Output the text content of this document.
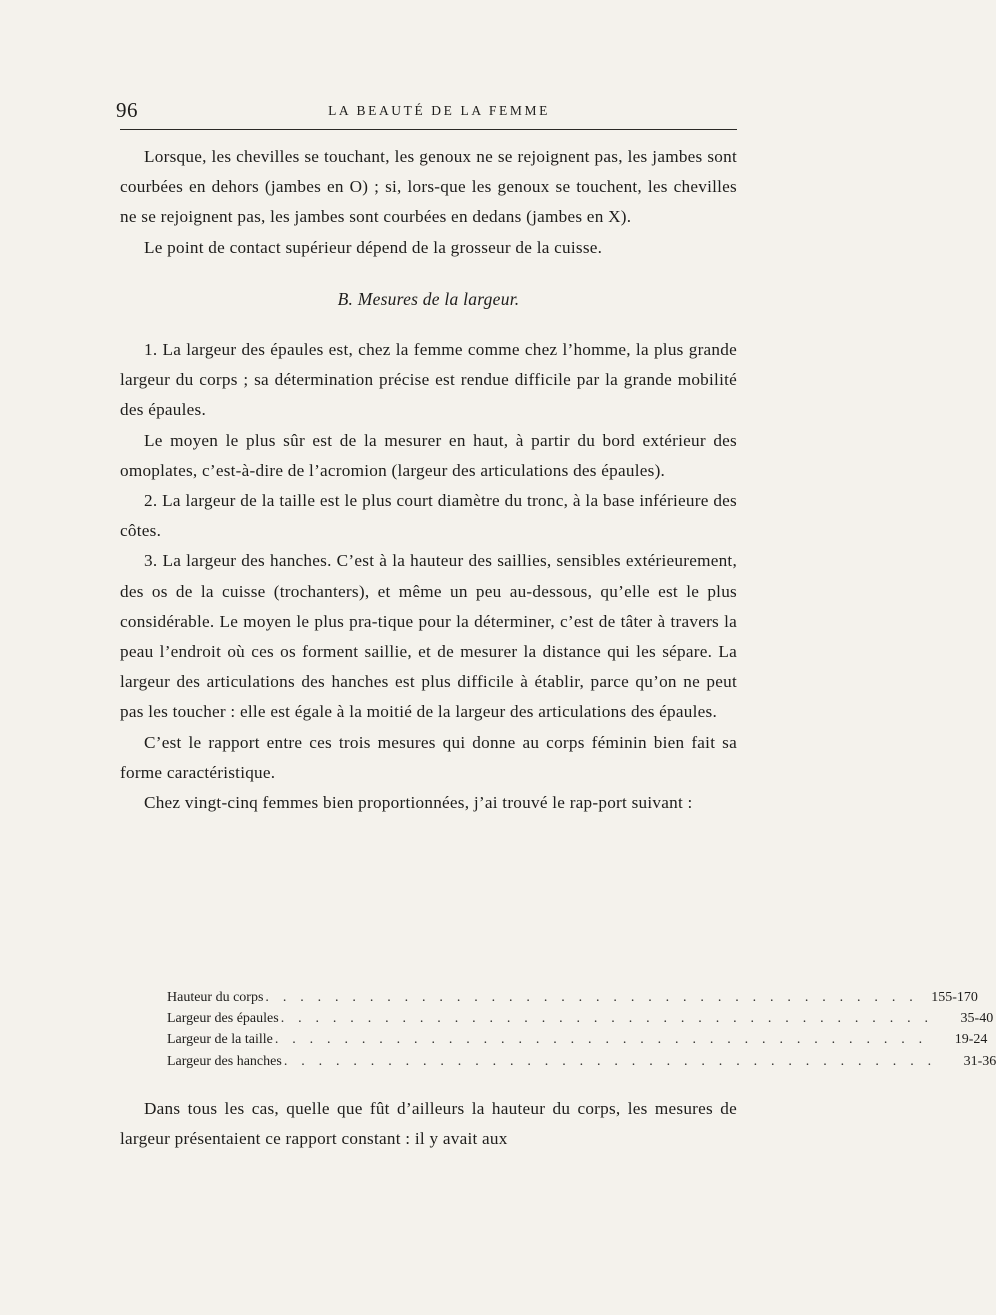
96	LA BEAUTÉ DE LA FEMME

Lorsque, les chevilles se touchant, les genoux ne se rejoignent pas, les jambes sont courbées en dehors (jambes en O) ; si, lors-que les genoux se touchent, les chevilles ne se rejoignent pas, les jambes sont courbées en dedans (jambes en X).

Le point de contact supérieur dépend de la grosseur de la cuisse.

B. Mesures de la largeur.

1. La largeur des épaules est, chez la femme comme chez l’homme, la plus grande largeur du corps ; sa détermination précise est rendue difficile par la grande mobilité des épaules.

Le moyen le plus sûr est de la mesurer en haut, à partir du bord extérieur des omoplates, c’est-à-dire de l’acromion (largeur des articulations des épaules).

2. La largeur de la taille est le plus court diamètre du tronc, à la base inférieure des côtes.

3. La largeur des hanches. C’est à la hauteur des saillies, sensibles extérieurement, des os de la cuisse (trochanters), et même un peu au-dessous, qu’elle est le plus considérable. Le moyen le plus pra-tique pour la déterminer, c’est de tâter à travers la peau l’endroit où ces os forment saillie, et de mesurer la distance qui les sépare. La largeur des articulations des hanches est plus difficile à établir, parce qu’on ne peut pas les toucher : elle est égale à la moitié de la largeur des articulations des épaules.

C’est le rapport entre ces trois mesures qui donne au corps féminin bien fait sa forme caractéristique.

Chez vingt-cinq femmes bien proportionnées, j’ai trouvé le rap-port suivant :

Hauteur du corps . . . . . . . . . . . . . . . . . . . . . . . . . . . . . . . . . . . . . . 155-170
Largeur des épaules . . . . . . . . . . . . . . . . . . . . . . . . . . . . . . . . . . . . . .	35-40
Largeur de la taille . . . . . . . . . . . . . . . . . . . . . . . . . . . . . . . . . . . . . .	19-24
Largeur des hanches . . . . . . . . . . . . . . . . . . . . . . . . . . . . . . . . . . . . . .	31-36

Dans tous les cas, quelle que fût d’ailleurs la hauteur du corps, les mesures de largeur présentaient ce rapport constant : il y avait aux
